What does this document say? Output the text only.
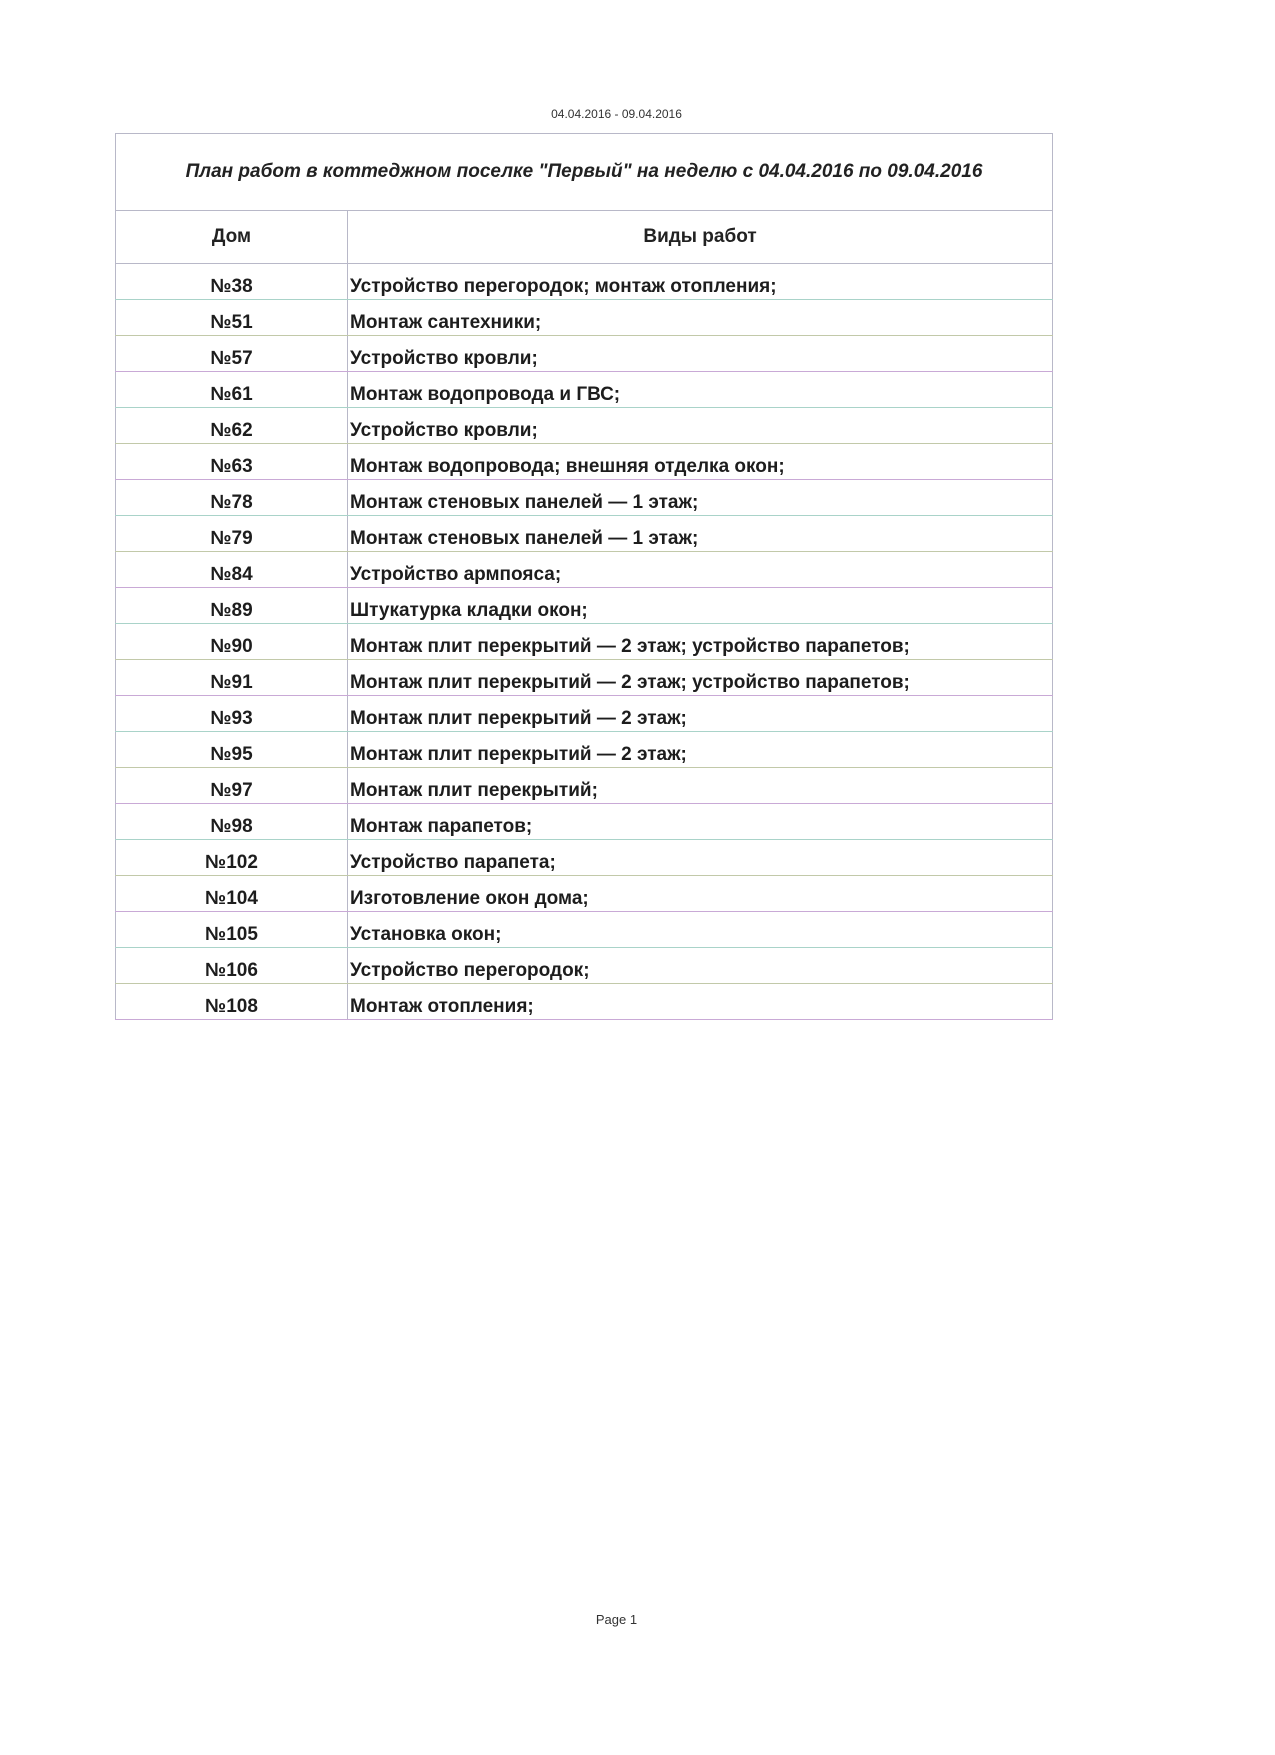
04.04.2016 - 09.04.2016
План работ в коттеджном поселке "Первый" на неделю с 04.04.2016 по 09.04.2016	
Дом	Виды работ
№38	Устройство перегородок; монтаж отопления;
№51	Монтаж сантехники;
№57	Устройство кровли;
№61	Монтаж водопровода и ГВС;
№62	Устройство кровли;
№63	Монтаж водопровода; внешняя отделка окон;
№78	Монтаж стеновых панелей — 1 этаж;
№79	Монтаж стеновых панелей — 1 этаж;
№84	Устройство армпояса;
№89	Штукатурка кладки окон;
№90	Монтаж плит перекрытий — 2 этаж; устройство парапетов;
№91	Монтаж плит перекрытий — 2 этаж; устройство парапетов;
№93	Монтаж плит перекрытий — 2 этаж;
№95	Монтаж плит перекрытий — 2 этаж;
№97	Монтаж плит перекрытий;
№98	Монтаж парапетов;
№102	Устройство парапета;
№104	Изготовление окон дома;
№105	Установка окон;
№106	Устройство перегородок;
№108	Монтаж отопления;
Page 1
